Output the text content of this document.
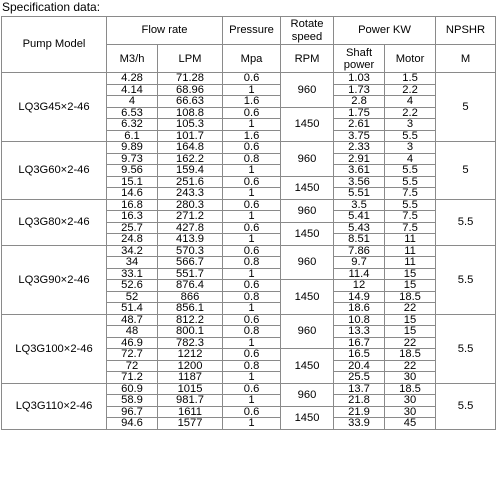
Specification data:
Pump Model	Flow rate		Pressure	Rotate speed	Power KW		NPSHR
	M3/h	LPM	Mpa	RPM	Shaft power	Motor	M
LQ3G45×2-46	4.28	71.28	0.6	960	1.03	1.5	5
	4.14	68.96	1		1.73	2.2	
	4	66.63	1.6		2.8	4	
	6.53	108.8	0.6	1450	1.75	2.2	
	6.32	105.3	1		2.61	3	
	6.1	101.7	1.6		3.75	5.5	
LQ3G60×2-46	9.89	164.8	0.6	960	2.33	3	5
	9.73	162.2	0.8		2.91	4	
	9.56	159.4	1		3.61	5.5	
	15.1	251.6	0.6	1450	3.56	5.5	
	14.6	243.3	1		5.51	7.5	
LQ3G80×2-46	16.8	280.3	0.6	960	3.5	5.5	5.5
	16.3	271.2	1		5.41	7.5	
	25.7	427.8	0.6	1450	5.43	7.5	
	24.8	413.9	1		8.51	11	
LQ3G90×2-46	34.2	570.3	0.6	960	7.86	11	5.5
	34	566.7	0.8		9.7	11	
	33.1	551.7	1		11.4	15	
	52.6	876.4	0.6	1450	12	15	
	52	866	0.8		14.9	18.5	
	51.4	856.1	1		18.6	22	
LQ3G100×2-46	48.7	812.2	0.6	960	10.8	15	5.5
	48	800.1	0.8		13.3	15	
	46.9	782.3	1		16.7	22	
	72.7	1212	0.6	1450	16.5	18.5	
	72	1200	0.8		20.4	22	
	71.2	1187	1		25.5	30	
LQ3G110×2-46	60.9	1015	0.6	960	13.7	18.5	5.5
	58.9	981.7	1		21.8	30	
	96.7	1611	0.6	1450	21.9	30	
	94.6	1577	1		33.9	45	
